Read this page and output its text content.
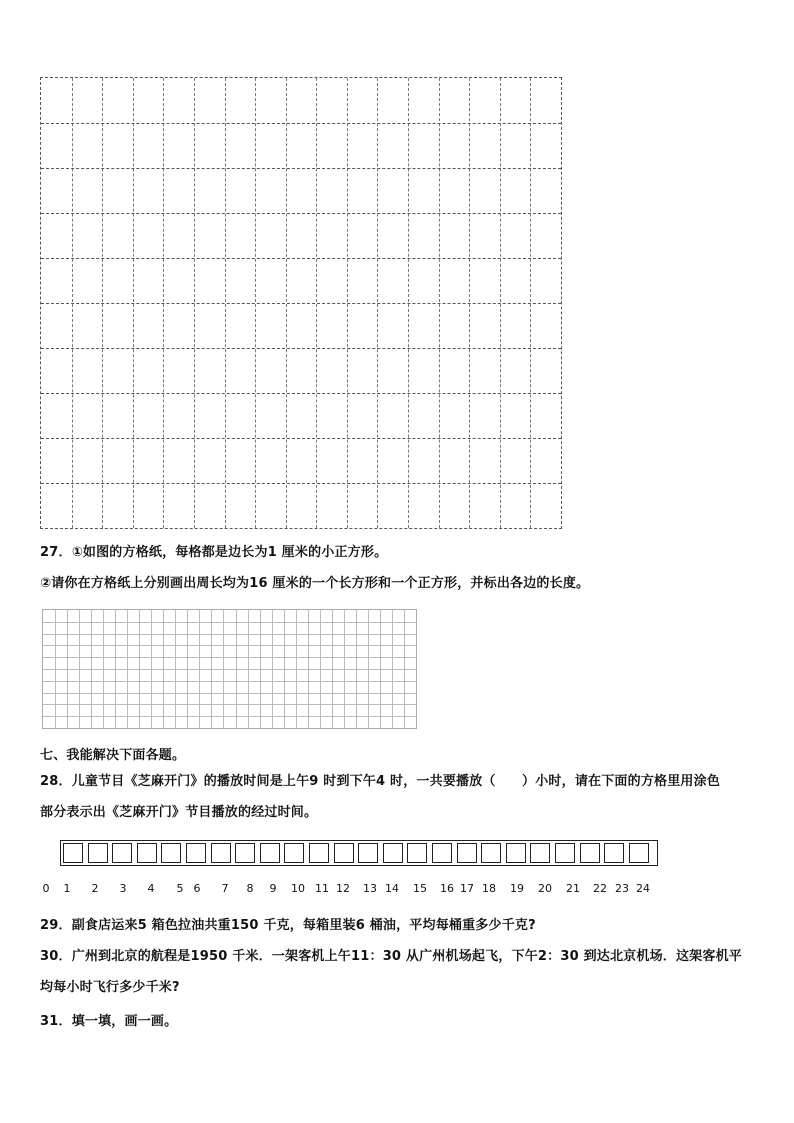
27．①如图的方格纸，每格都是边长为1 厘米的小正方形。
②请你在方格纸上分别画出周长均为16 厘米的一个长方形和一个正方形，并标出各边的长度。
七、我能解决下面各题。
28．儿童节目《芝麻开门》的播放时间是上午9 时到下午4 时，一共要播放（　　）小时，请在下面的方格里用涂色
部分表示出《芝麻开门》节目播放的经过时间。
0 1 2 3 4 5 6 7 8 9 10 11 12 13 14 15 16 17 18 19 20 21 22 23 24
29．副食店运来5 箱色拉油共重150 千克，每箱里装6 桶油，平均每桶重多少千克?
30．广州到北京的航程是1950 千米．一架客机上午11：30 从广州机场起飞，下午2：30 到达北京机场．这架客机平
均每小时飞行多少千米?
31．填一填，画一画。
